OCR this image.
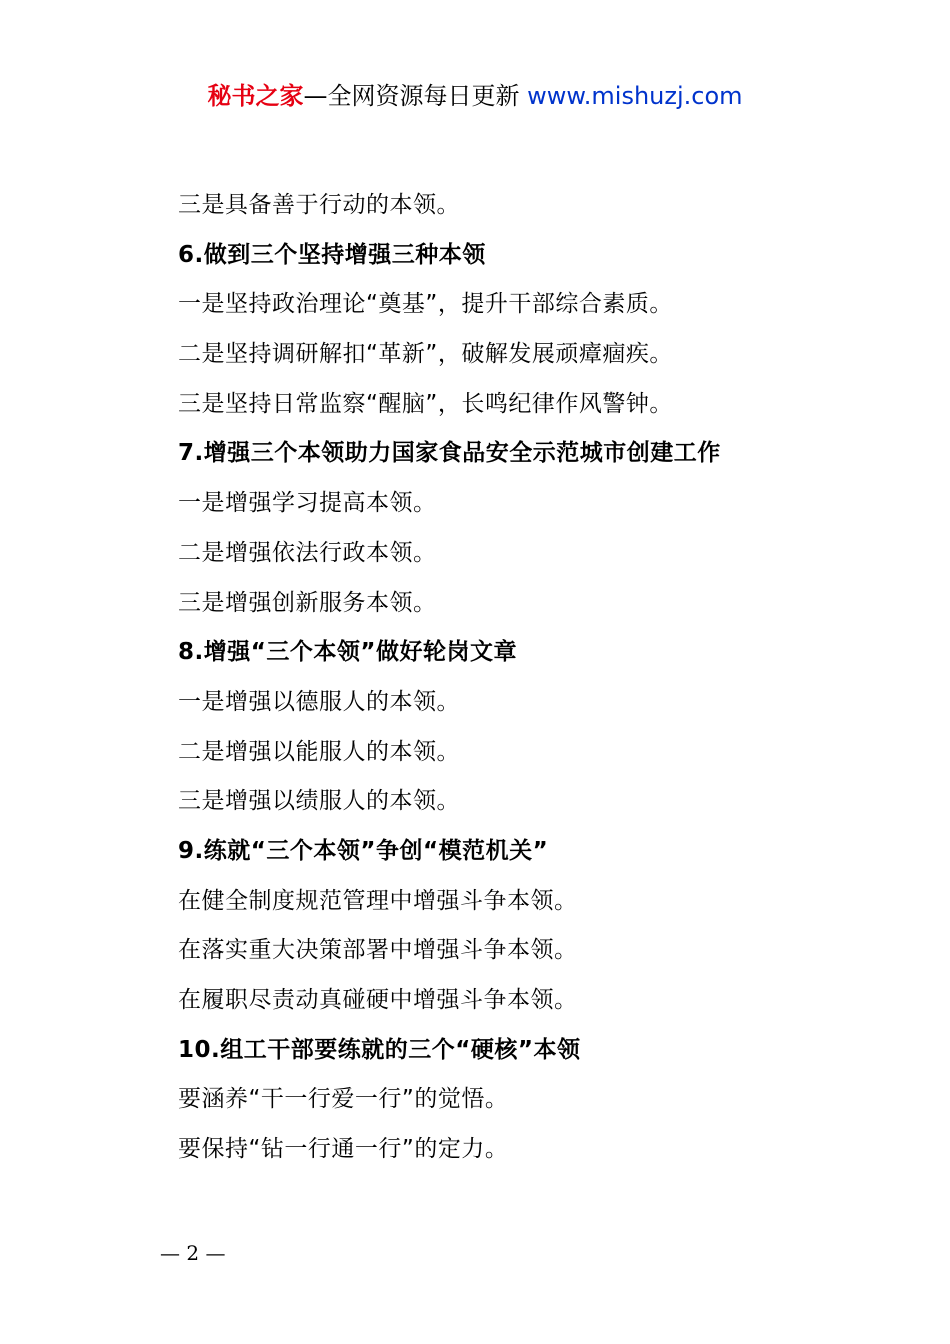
秘书之家—全网资源每日更新 www.mishuzj.com
三是具备善于行动的本领。
6.做到三个坚持增强三种本领
一是坚持政治理论“奠基”，提升干部综合素质。
二是坚持调研解扣“革新”，破解发展顽瘴痼疾。
三是坚持日常监察“醒脑”，长鸣纪律作风警钟。
7.增强三个本领助力国家食品安全示范城市创建工作
一是增强学习提高本领。
二是增强依法行政本领。
三是增强创新服务本领。
8.增强“三个本领”做好轮岗文章
一是增强以德服人的本领。
二是增强以能服人的本领。
三是增强以绩服人的本领。
9.练就“三个本领”争创“模范机关”
在健全制度规范管理中增强斗争本领。
在落实重大决策部署中增强斗争本领。
在履职尽责动真碰硬中增强斗争本领。
10.组工干部要练就的三个“硬核”本领
要涵养“干一行爱一行”的觉悟。
要保持“钻一行通一行”的定力。
— 2 —
